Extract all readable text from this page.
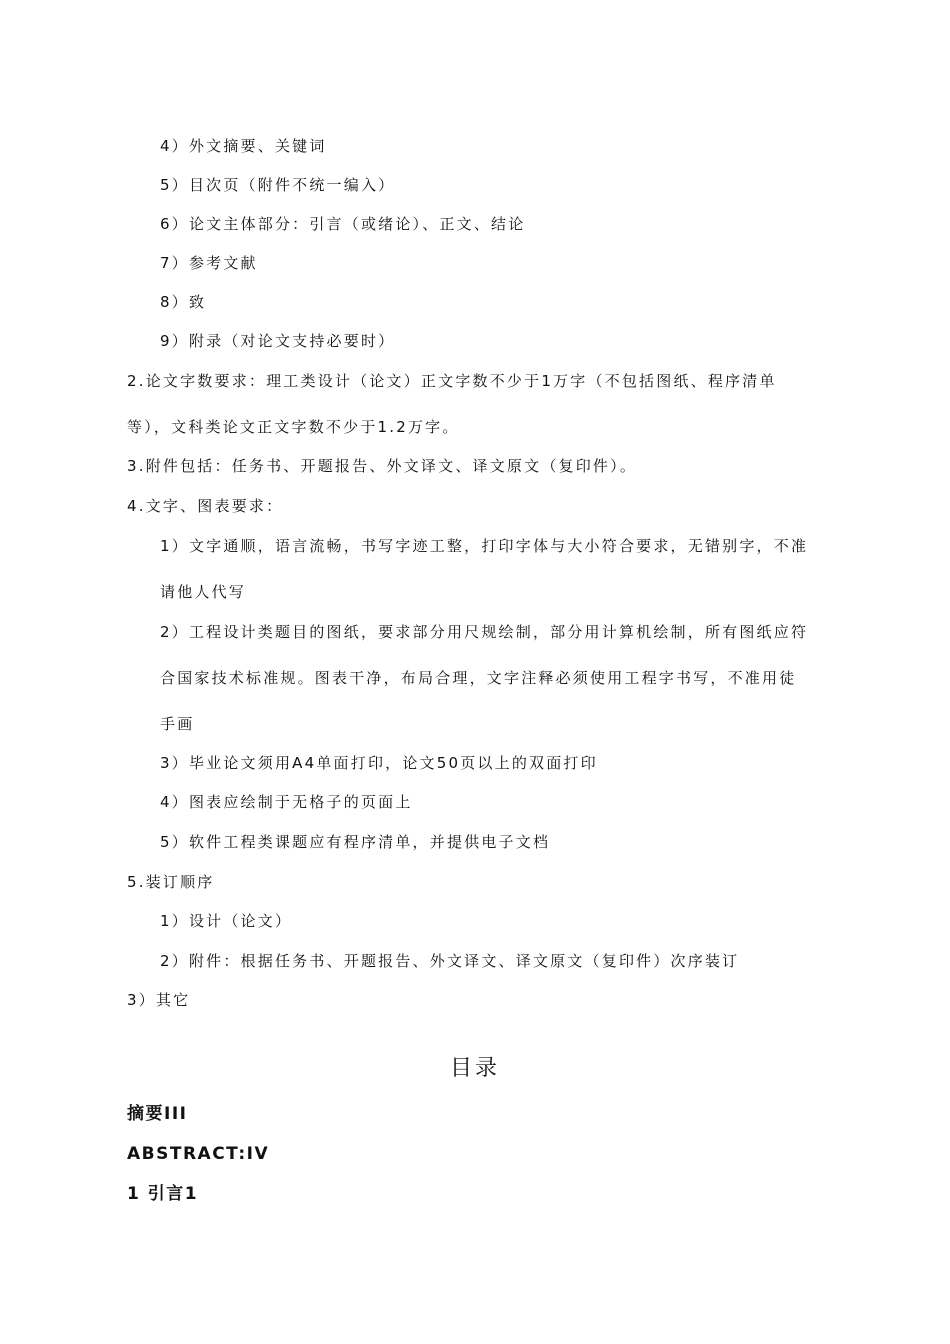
4）外文摘要、关键词
5）目次页（附件不统一编入）
6）论文主体部分：引言（或绪论）、正文、结论
7）参考文献
8）致
9）附录（对论文支持必要时）
2.论文字数要求：理工类设计（论文）正文字数不少于1万字（不包括图纸、程序清单
等），文科类论文正文字数不少于1.2万字。
3.附件包括：任务书、开题报告、外文译文、译文原文（复印件）。
4.文字、图表要求：
1）文字通顺，语言流畅，书写字迹工整，打印字体与大小符合要求，无错别字，不准
请他人代写
2）工程设计类题目的图纸，要求部分用尺规绘制，部分用计算机绘制，所有图纸应符
合国家技术标准规。图表干净，布局合理，文字注释必须使用工程字书写，不准用徒
手画
3）毕业论文须用A4单面打印，论文50页以上的双面打印
4）图表应绘制于无格子的页面上
5）软件工程类课题应有程序清单，并提供电子文档
5.装订顺序
1）设计（论文）
2）附件：根据任务书、开题报告、外文译文、译文原文（复印件）次序装订
3）其它
目录
摘要III
ABSTRACT:IV
1 引言1
